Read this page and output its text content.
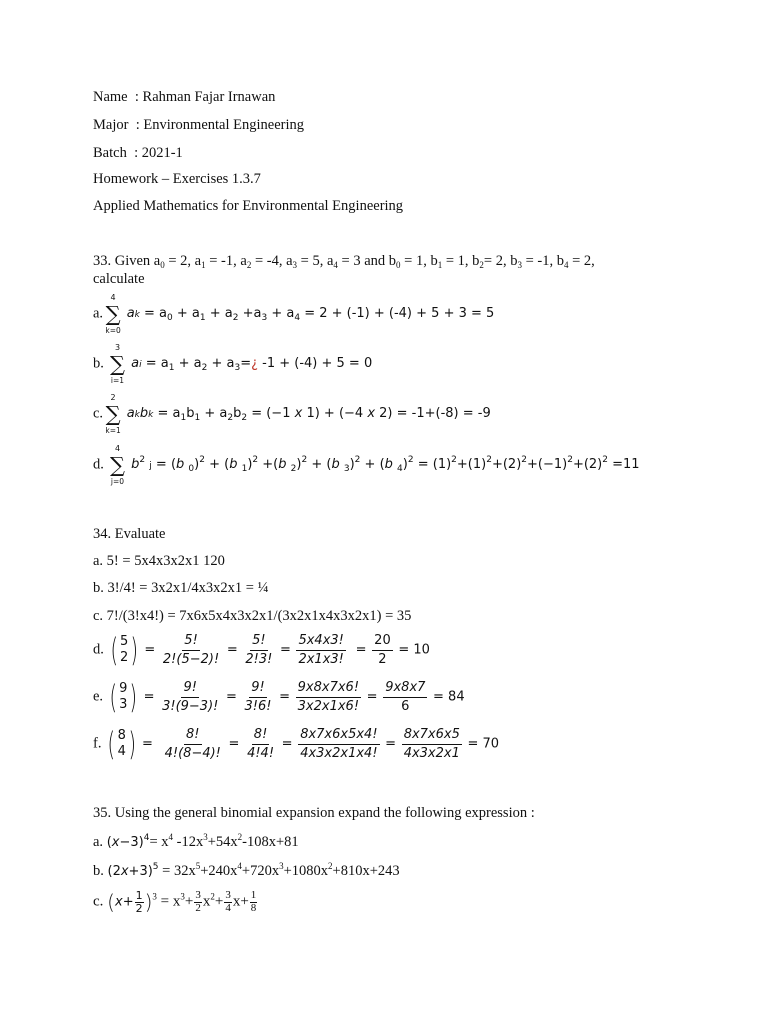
Name : Rahman Fajar Irnawan
Major : Environmental Engineering
Batch : 2021-1
Homework – Exercises 1.3.7
Applied Mathematics for Environmental Engineering
33. Given $a_0 = 2$, $a_1 = -1$, $a_2 = -4$, $a_3 = 5$, $a_4 = 3$ and $b_0 = 1$, $b_1 = 1$, $b_2= 2$, $b_3 = -1$, $b_4 = 2$,
calculate
a.
4
∑
k=0
ak = $a_0 + a_1 + a_2 +a_3 + a_4 = 2 + (-1) + (-4) + 5 + 3 = 5$
b.
3
∑
i=1
ai = $a_1 + a_2$ + $a_3=¿$ -1 + (-4) + 5 = 0
c.
2
∑
k=1
akbk = $a_1b_1 + a_2b_2 = (-1$ x 1) + (−4 x 2) = -1+(-8) = -9
d.
4
∑
j=0
$b^2$ j = (b $_0$)$^2$ + (b $_1$)$^2$ +(b $_2$)$^2$ + (b $_3$)$^2$ + (b $_4)^2 = (1)^2+(1)^2+(2)^2+(-1)^2+(2)^2 =11$
34. Evaluate
a. 5! = 5x4x3x2x1 120
b. 3!/4! = 3x2x1/4x3x2x1 = ¼
c. 7!/(3!x4!) = 7x6x5x4x3x2x1/(3x2x1x4x3x2x1) = 35
d. ( 5
2 ) = $\frac{5!}{2!(5-2)!} = \frac{5!}{2!3!} = \frac{5x4x3!}{2x1x3!} = \frac{20}{2} = 10$
e. ( 9
3 ) = $\frac{9!}{3!(9-3)!} = \frac{9!}{3!6!} = \frac{9x8x7x6!}{3x2x1x6!} = \frac{9x8x7}{6} = 84$
f. ( 8
4 ) = $\frac{8!}{4!(8-4)!} = \frac{8!}{4!4!} = \frac{8x7x6x5x4!}{4x3x2x1x4!} = \frac{8x7x6x5}{4x3x2x1} = 70$
35. Using the general binomial expansion expand the following expression :
a. $(x-3)^4= x^4$ $-12x^3+54x^2-108x+81$
b. $(2x+3)^5 = 32x^5+240x^4+720x^3+1080x^2+810x+243$
c. $(x+ \frac{1}{2} )^3 = x^3+ \frac{3}{2} x^2+ \frac{3}{4} x+ \frac{1}{8}$
